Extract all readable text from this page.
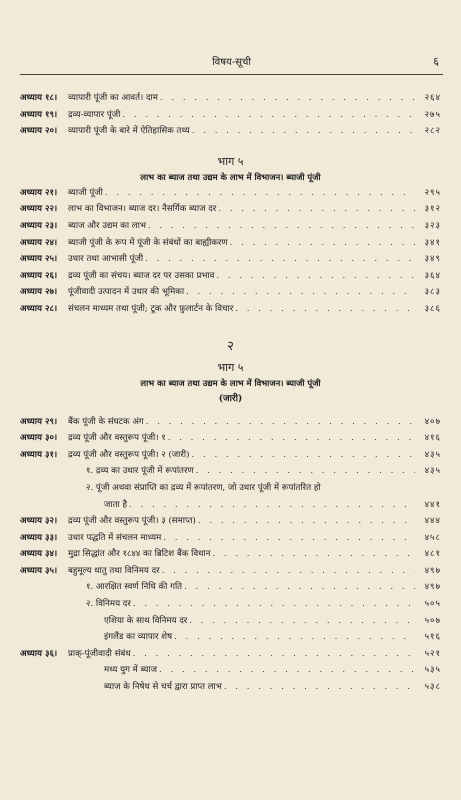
विषय-सूची	६
अध्याय १८।	व्यापारी पूंजी का आवर्त। दाम . . .	२६४
अध्याय १९।	द्रव्य-व्यापार पूंजी . . .	२७५
अध्याय २०।	व्यापारी पूंजी के बारे में ऐतिहासिक तथ्य . . .	२८२
भाग ५
लाभ का ब्याज तथा उद्यम के लाभ में विभाजन। ब्याजी पूंजी
अध्याय २१।	ब्याजी पूंजी . . .	२९५
अध्याय २२।	लाभ का विभाजन। ब्याज दर। नैसर्गिक ब्याज दर . . .	३१२
अध्याय २३।	ब्याज और उद्यम का लाभ . . .	३२३
अध्याय २४।	ब्याजी पूंजी के रूप में पूंजी के संबंधों का बाह्यीकरण . . .	३४१
अध्याय २५।	उधार तथा आभासी पूंजी . . .	३४९
अध्याय २६।	द्रव्य पूंजी का संचय। ब्याज दर पर उसका प्रभाव . . .	३६४
अध्याय २७।	पूंजीवादी उत्पादन में उधार की भूमिका . . .	३८३
अध्याय २८।	संचलन माध्यम तथा पूंजी; टूक और फ़ुलार्टन के विचार . . .	३८६
२
भाग ५
लाभ का ब्याज तथा उद्यम के लाभ में विभाजन। ब्याजी पूंजी
(जारी)
अध्याय २९।	बैंक पूंजी के संघटक अंग . . .	४०७
अध्याय ३०।	द्रव्य पूंजी और वस्तुरूप पूंजी। १ . . .	४१६
अध्याय ३१।	द्रव्य पूंजी और वस्तुरूप पूंजी। २ (जारी) . . .	४३५
१. द्रव्य का उधार पूंजी में रूपांतरण . . .	४३५
२. पूंजी अथवा संप्राप्ति का द्रव्य में रूपांतरण, जो उधार पूंजी में रूपांतरित हो
जाता है . . .	४४१
अध्याय ३२।	द्रव्य पूंजी और वस्तुरूप पूंजी। ३ (समाप्त) . . .	४४४
अध्याय ३३।	उधार पद्धति में संचलन माध्यम . . .	४५८
अध्याय ३४।	मुद्रा सिद्धांत और १८४४ का ब्रिटिश बैंक विधान . . .	४८१
अध्याय ३५।	बहुमूल्य धातु तथा विनिमय दर . . .	४९७
१. आरक्षित स्वर्ण निधि की गति . . .	४९७
२. विनिमय दर . . .	५०५
एशिया के साथ विनिमय दर . . .	५०७
इंगलैंड का व्यापार शेष . . .	५१६
अध्याय ३६।	प्राक्-पूंजीवादी संबंध . . .	५२१
मध्य युग में ब्याज . . .	५३५
ब्याज के निषेध से चर्च द्वारा प्राप्त लाभ . . .	५३८
